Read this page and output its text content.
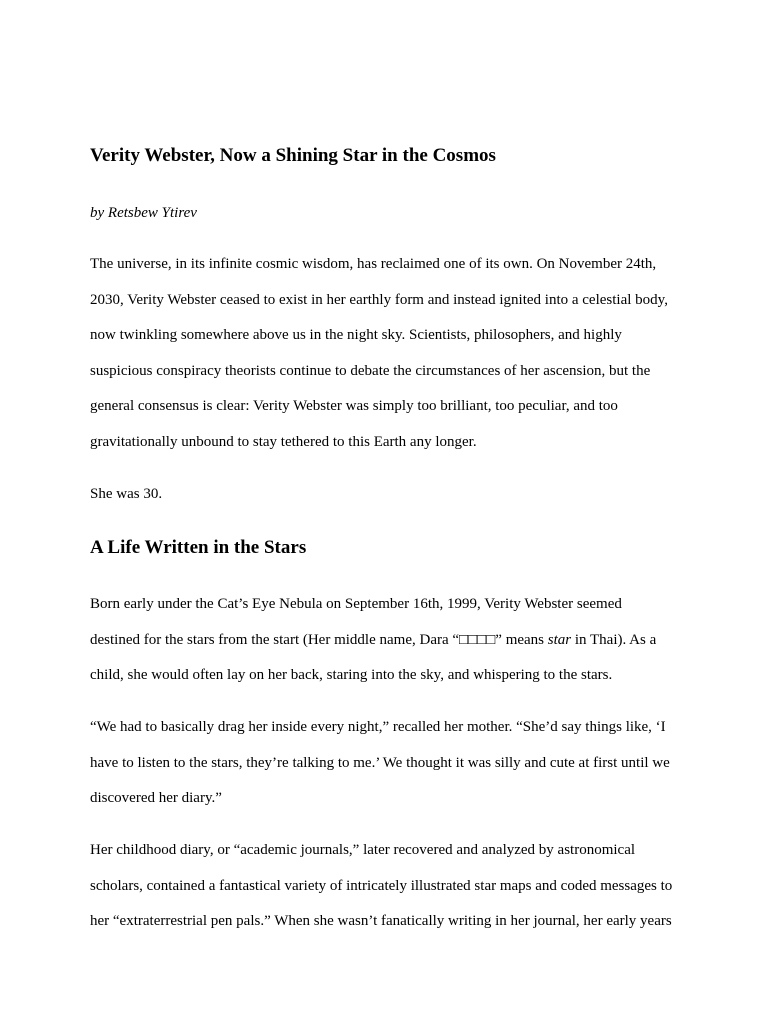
Verity Webster, Now a Shining Star in the Cosmos

by Retsbew Ytirev

The universe, in its infinite cosmic wisdom, has reclaimed one of its own. On November 24th,
2030, Verity Webster ceased to exist in her earthly form and instead ignited into a celestial body,
now twinkling somewhere above us in the night sky. Scientists, philosophers, and highly
suspicious conspiracy theorists continue to debate the circumstances of her ascension, but the
general consensus is clear: Verity Webster was simply too brilliant, too peculiar, and too
gravitationally unbound to stay tethered to this Earth any longer.

She was 30.

A Life Written in the Stars

Born early under the Cat’s Eye Nebula on September 16th, 1999, Verity Webster seemed
destined for the stars from the start (Her middle name, Dara “□□□□” means star in Thai). As a
child, she would often lay on her back, staring into the sky, and whispering to the stars.

“We had to basically drag her inside every night,” recalled her mother. “She’d say things like, ‘I
have to listen to the stars, they’re talking to me.’ We thought it was silly and cute at first until we
discovered her diary.”

Her childhood diary, or “academic journals,” later recovered and analyzed by astronomical
scholars, contained a fantastical variety of intricately illustrated star maps and coded messages to
her “extraterrestrial pen pals.” When she wasn’t fanatically writing in her journal, her early years
